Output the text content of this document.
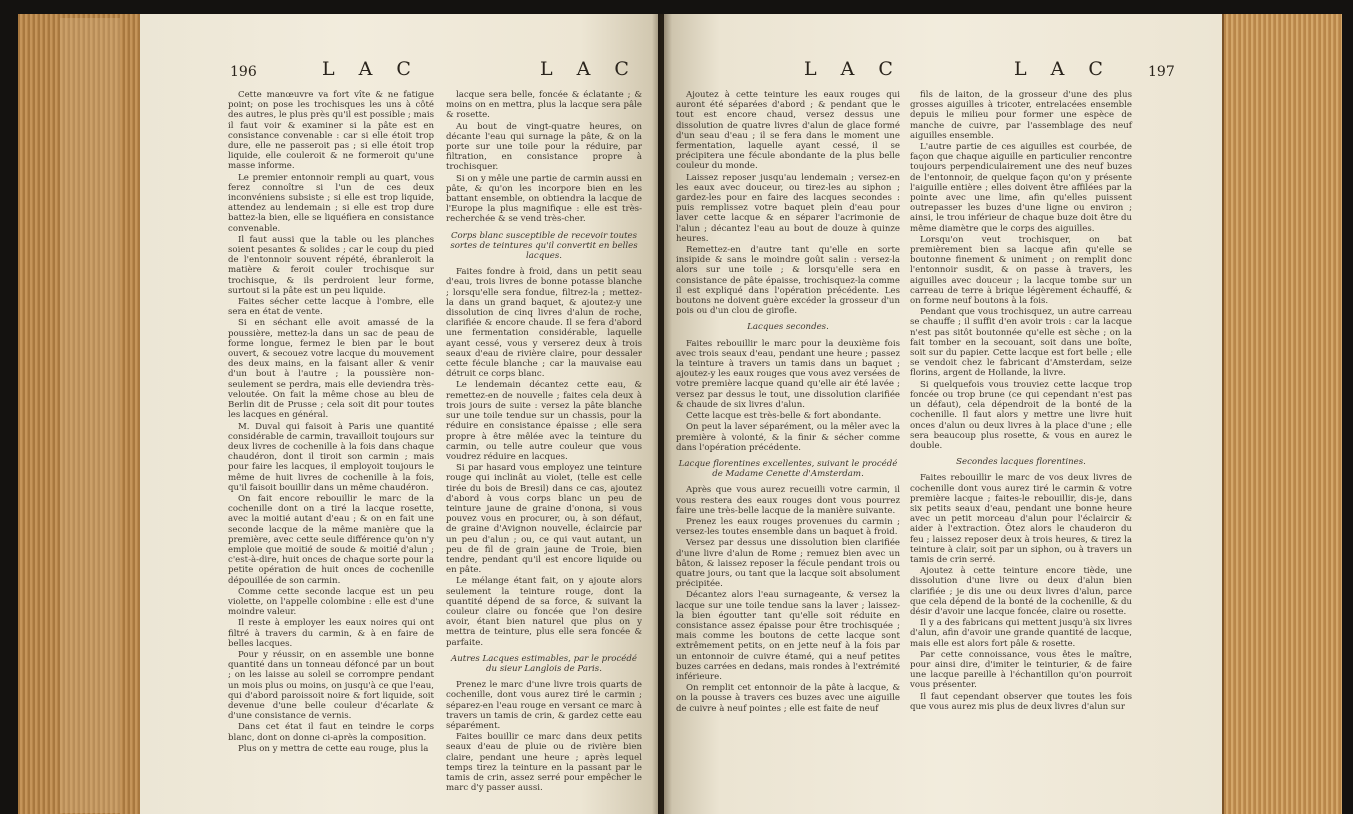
196	L A C	L A C

Cette manœuvre va fort vîte & ne fatigue point; on pose les trochisques les uns à côté des autres, le plus près qu'il est possible ; mais il faut voir & examiner si la pâte est en consistance convenable : car si elle étoit trop dure, elle ne passeroit pas ; si elle étoit trop liquide, elle couleroit & ne formeroit qu'une masse informe.

Le premier entonnoir rempli au quart, vous ferez connoître si l'un de ces deux inconvéniens subsiste ; si elle est trop liquide, attendez au lendemain ; si elle est trop dure battez-la bien, elle se liquéfiera en consistance convenable.

Il faut aussi que la table ou les planches soient pesantes & solides ; car le coup du pied de l'entonnoir souvent répété, ébranleroit la matière & feroit couler trochisque sur trochisque, & ils perdroient leur forme, surtout si la pâte est un peu liquide.

Faites sécher cette lacque à l'ombre, elle sera en état de vente.

Si en séchant elle avoit amassé de la poussière, mettez-la dans un sac de peau de forme longue, fermez le bien par le bout ouvert, & secouez votre lacque du mouvement des deux mains, en la faisant aller & venir d'un bout à l'autre ; la poussière non-seulement se perdra, mais elle deviendra très-veloutée. On fait la même chose au bleu de Berlin dit de Prusse ; cela soit dit pour toutes les lacques en général.

M. Duval qui faisoit à Paris une quantité considérable de carmin, travailloit toujours sur deux livres de cochenille à la fois dans chaque chaudéron, dont il tiroit son carmin ; mais pour faire les lacques, il employoit toujours le même de huit livres de cochenille à la fois, qu'il faisoit bouillir dans un même chaudéron.

On fait encore rebouillir le marc de la cochenille dont on a tiré la lacque rosette, avec la moitié autant d'eau ; & on en fait une seconde lacque de la même manière que la première, avec cette seule différence qu'on n'y emploie que moitié de soude & moitié d'alun ; c'est-à-dire, huit onces de chaque sorte pour la petite opération de huit onces de cochenille dépouillée de son carmin.

Comme cette seconde lacque est un peu violette, on l'appelle colombine : elle est d'une moindre valeur.

Il reste à employer les eaux noires qui ont filtré à travers du carmin, & à en faire de belles lacques.

Pour y réussir, on en assemble une bonne quantité dans un tonneau défoncé par un bout ; on les laisse au soleil se corrompre pendant un mois plus ou moins, on jusqu'à ce que l'eau, qui d'abord paroissoit noire & fort liquide, soit devenue d'une belle couleur d'écarlate & d'une consistance de vernis.

Dans cet état il faut en teindre le corps blanc, dont on donne ci-après la composition.

Plus on y mettra de cette eau rouge, plus la

lacque sera belle, foncée & éclatante ; & moins on en mettra, plus la lacque sera pâle & rosette.

Au bout de vingt-quatre heures, on décante l'eau qui surnage la pâte, & on la porte sur une toile pour la réduire, par filtration, en consistance propre à trochisquer.

Si on y mêle une partie de carmin aussi en pâte, & qu'on les incorpore bien en les battant ensemble, on obtiendra la lacque de l'Europe la plus magnifique : elle est très-recherchée & se vend très-cher.

Corps blanc susceptible de recevoir toutes sortes de teintures qu'il convertit en belles lacques.

Faites fondre à froid, dans un petit seau d'eau, trois livres de bonne potasse blanche ; lorsqu'elle sera fondue, filtrez-la ; mettez-la dans un grand baquet, & ajoutez-y une dissolution de cinq livres d'alun de roche, clarifiée & encore chaude. Il se fera d'abord une fermentation considérable, laquelle ayant cessé, vous y verserez deux à trois seaux d'eau de rivière claire, pour dessaler cette fécule blanche ; car la mauvaise eau détruit ce corps blanc.

Le lendemain décantez cette eau, & remettez-en de nouvelle ; faites cela deux à trois jours de suite : versez la pâte blanche sur une toile tendue sur un chassis, pour la réduire en consistance épaisse ; elle sera propre à être mêlée avec la teinture du carmin, ou telle autre couleur que vous voudrez réduire en lacques.

Si par hasard vous employez une teinture rouge qui inclinât au violet, (telle est celle tirée du bois de Bresil) dans ce cas, ajoutez d'abord à vous corps blanc un peu de teinture jaune de graine d'onona, si vous pouvez vous en procurer, ou, à son défaut, de graine d'Avignon nouvelle, éclaircie par un peu d'alun ; ou, ce qui vaut autant, un peu de fil de grain jaune de Troie, bien tendre, pendant qu'il est encore liquide ou en pâte.

Le mélange étant fait, on y ajoute alors seulement la teinture rouge, dont la quantité dépend de sa force, & suivant la couleur claire ou foncée que l'on desire avoir, étant bien naturel que plus on y mettra de teinture, plus elle sera foncée & parfaite.

Autres Lacques estimables, par le procédé du sieur Langlois de Paris.

Prenez le marc d'une livre trois quarts de cochenille, dont vous aurez tiré le carmin ; séparez-en l'eau rouge en versant ce marc à travers un tamis de crin, & gardez cette eau séparément.

Faites bouillir ce marc dans deux petits seaux d'eau de pluie ou de rivière bien claire, pendant une heure ; après lequel temps tirez la teinture en la passant par le tamis de crin, assez serré pour empêcher le marc d'y passer aussi.

L A C	L A C	197

Ajoutez à cette teinture les eaux rouges qui auront été séparées d'abord ; & pendant que le tout est encore chaud, versez dessus une dissolution de quatre livres d'alun de glace formé d'un seau d'eau ; il se fera dans le moment une fermentation, laquelle ayant cessé, il se précipitera une fécule abondante de la plus belle couleur du monde.

Laissez reposer jusqu'au lendemain ; versez-en les eaux avec douceur, ou tirez-les au siphon ; gardez-les pour en faire des lacques secondes : puis remplissez votre baquet plein d'eau pour laver cette lacque & en séparer l'acrimonie de l'alun ; décantez l'eau au bout de douze à quinze heures.

Remettez-en d'autre tant qu'elle en sorte insipide & sans le moindre goût salin : versez-la alors sur une toile ; & lorsqu'elle sera en consistance de pâte épaisse, trochisquez-la comme il est expliqué dans l'opération précédente. Les boutons ne doivent guère excéder la grosseur d'un pois ou d'un clou de girofle.

Lacques secondes.

Faites rebouillir le marc pour la deuxième fois avec trois seaux d'eau, pendant une heure ; passez la teinture à travers un tamis dans un baquet ; ajoutez-y les eaux rouges que vous avez versées de votre première lacque quand qu'elle air été lavée ; versez par dessus le tout, une dissolution clarifiée & chaude de six livres d'alun.

Cette lacque est très-belle & fort abondante.

On peut la laver séparément, ou la mêler avec la première à volonté, & la finir & sécher comme dans l'opération précédente.

Lacque florentines excellentes, suivant le procédé de Madame Cenette d'Amsterdam.

Après que vous aurez recueilli votre carmin, il vous restera des eaux rouges dont vous pourrez faire une très-belle lacque de la manière suivante.

Prenez les eaux rouges provenues du carmin ; versez-les toutes ensemble dans un baquet à froid.

Versez par dessus une dissolution bien clarifiée d'une livre d'alun de Rome ; remuez bien avec un bâton, & laissez reposer la fécule pendant trois ou quatre jours, ou tant que la lacque soit absolument précipitée.

Décantez alors l'eau surnageante, & versez la lacque sur une toile tendue sans la laver ; laissez-la bien égoutter tant qu'elle soit réduite en consistance assez épaisse pour être trochisquée ; mais comme les boutons de cette lacque sont extrêmement petits, on en jette neuf à la fois par un entonnoir de cuivre étamé, qui a neuf petites buzes carrées en dedans, mais rondes à l'extrémité inférieure.

On remplit cet entonnoir de la pâte à lacque, & on la pousse à travers ces buzes avec une aiguille de cuivre à neuf pointes ; elle est faite de neuf

fils de laiton, de la grosseur d'une des plus grosses aiguilles à tricoter, entrelacées ensemble depuis le milieu pour former une espèce de manche de cuivre, par l'assemblage des neuf aiguilles ensemble.

L'autre partie de ces aiguilles est courbée, de façon que chaque aiguille en particulier rencontre toujours perpendiculairement une des neuf buzes de l'entonnoir, de quelque façon qu'on y présente l'aiguille entière ; elles doivent être affilées par la pointe avec une lime, afin qu'elles puissent outrepasser les buzes d'une ligne ou environ ; ainsi, le trou inférieur de chaque buze doit être du même diamètre que le corps des aiguilles.

Lorsqu'on veut trochisquer, on bat premièrement bien sa lacque afin qu'elle se boutonne finement & uniment ; on remplit donc l'entonnoir susdit, & on passe à travers, les aiguilles avec douceur ; la lacque tombe sur un carreau de terre à brique légèrement échauffé, & on forme neuf boutons à la fois.

Pendant que vous trochisquez, un autre carreau se chauffe ; il suffit d'en avoir trois : car la lacque n'est pas sitôt boutonnée qu'elle est sèche ; on la fait tomber en la secouant, soit dans une boîte, soit sur du papier. Cette lacque est fort belle ; elle se vendoit chez le fabricant d'Amsterdam, seize florins, argent de Hollande, la livre.

Si quelquefois vous trouviez cette lacque trop foncée ou trop brune (ce qui cependant n'est pas un défaut), cela dépendroit de la bonté de la cochenille. Il faut alors y mettre une livre huit onces d'alun ou deux livres à la place d'une ; elle sera beaucoup plus rosette, & vous en aurez le double.

Secondes lacques florentines.

Faites rebouillir le marc de vos deux livres de cochenille dont vous aurez tiré le carmin & votre première lacque ; faites-le rebouillir, dis-je, dans six petits seaux d'eau, pendant une bonne heure avec un petit morceau d'alun pour l'éclaircir & aider à l'extraction. Ôtez alors le chauderon du feu ; laissez reposer deux à trois heures, & tirez la teinture à clair, soit par un siphon, ou à travers un tamis de crin serré.

Ajoutez à cette teinture encore tiède, une dissolution d'une livre ou deux d'alun bien clarifiée ; je dis une ou deux livres d'alun, parce que cela dépend de la bonté de la cochenille, & du désir d'avoir une lacque foncée, claire ou rosette.

Il y a des fabricans qui mettent jusqu'à six livres d'alun, afin d'avoir une grande quantité de lacque, mais elle est alors fort pâle & rosette.

Par cette connoissance, vous êtes le maître, pour ainsi dire, d'imiter le teinturier, & de faire une lacque pareille à l'échantillon qu'on pourroit vous présenter.

Il faut cependant observer que toutes les fois que vous aurez mis plus de deux livres d'alun sur
